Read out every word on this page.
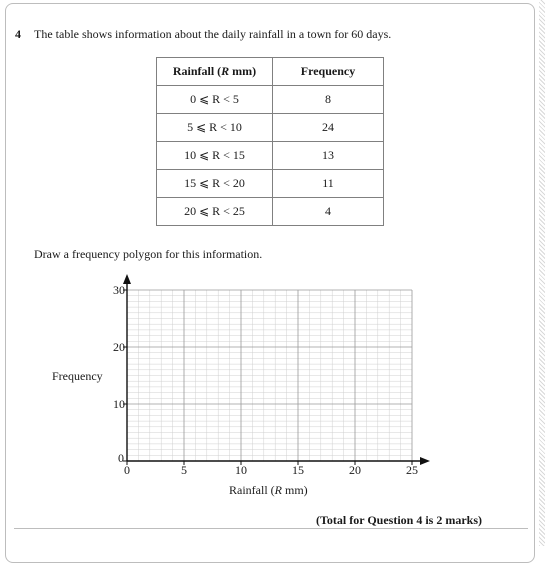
4 The table shows information about the daily rainfall in a town for 60 days.
Rainfall (R mm)	Frequency
0 ⩽ R < 5	8
5 ⩽ R < 10	24
10 ⩽ R < 15	13
15 ⩽ R < 20	11
20 ⩽ R < 25	4
Draw a frequency polygon for this information.
Frequency
0	5	10	15	20	25
0
10
20
30
Rainfall (R mm)
(Total for Question 4 is 2 marks)
